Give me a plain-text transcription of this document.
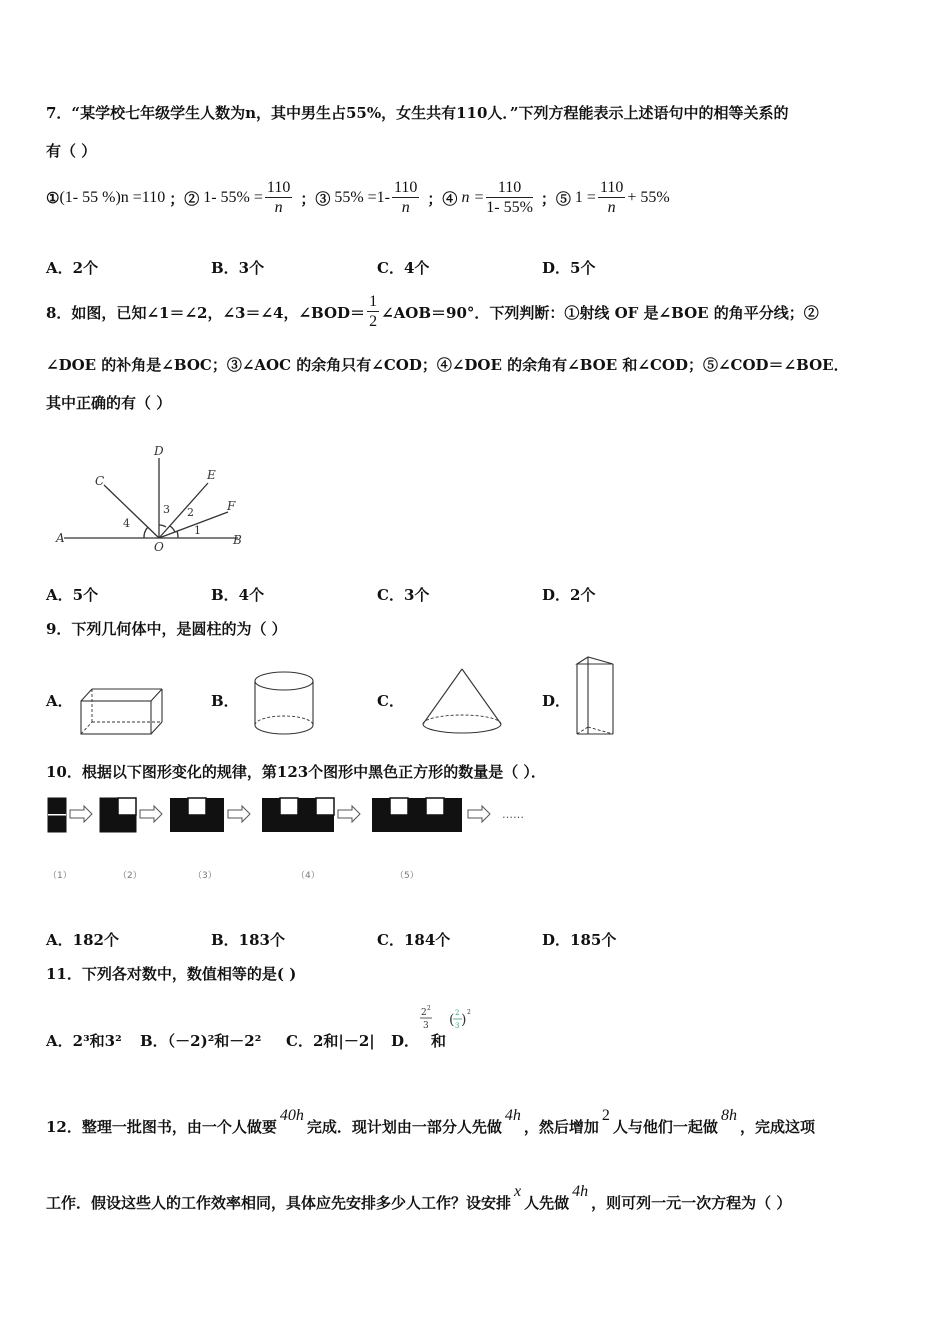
7．“某学校七年级学生人数为n，其中男生占55%，女生共有110人．”下列方程能表示上述语句中的相等关系的
有（ ）
① (1- 55 %)n =110 ；② 1- $55\% = \frac{110}{n}$ ；③ $55\% =1- \frac{110}{n}$ ；④ $n = \frac{110}{1- 55\%}$ ；⑤ $1 = \frac{110}{n} + 55\%$
A．2个	B．3个	C．4个	D．5个
8．如图，已知∠1＝∠2，∠3＝∠4，∠BOD＝ $\frac{1}{2}$ ∠AOB＝90°．下列判断：①射线 OF 是∠BOE 的角平分线；②
∠DOE 的补角是∠BOC；③∠AOC 的余角只有∠COD；④∠DOE 的余角有∠BOE 和∠COD；⑤∠COD＝∠BOE．
其中正确的有（ ）
A	B
C
D
E
F
O
1
2
3
4
A．5个	B．4个	C．3个	D．2个
9．下列几何体中，是圆柱的为（ ）
A．	B．	C．	D．
10．根据以下图形变化的规律，第123个图形中黑色正方形的数量是（ ）．
……
（1）	（2）	（3）	（4）	（5）
A．182个	B．183个	C．184个	D．185个
11．下列各对数中，数值相等的是( )
A．2³和3² B．（－2)²和－2² C．2和|－2| D．
2 2
3 ( 2
3 ) 2
和
12．整理一批图书，由一个人做要
40h
完成．现计划由一部分人先做
4h
，然后增加
2
人与他们一起做
8h
，完成这项
工作．假设这些人的工作效率相同，具体应先安排多少人工作？设安排
x
人先做
4h
，则可列一元一次方程为（ ）
